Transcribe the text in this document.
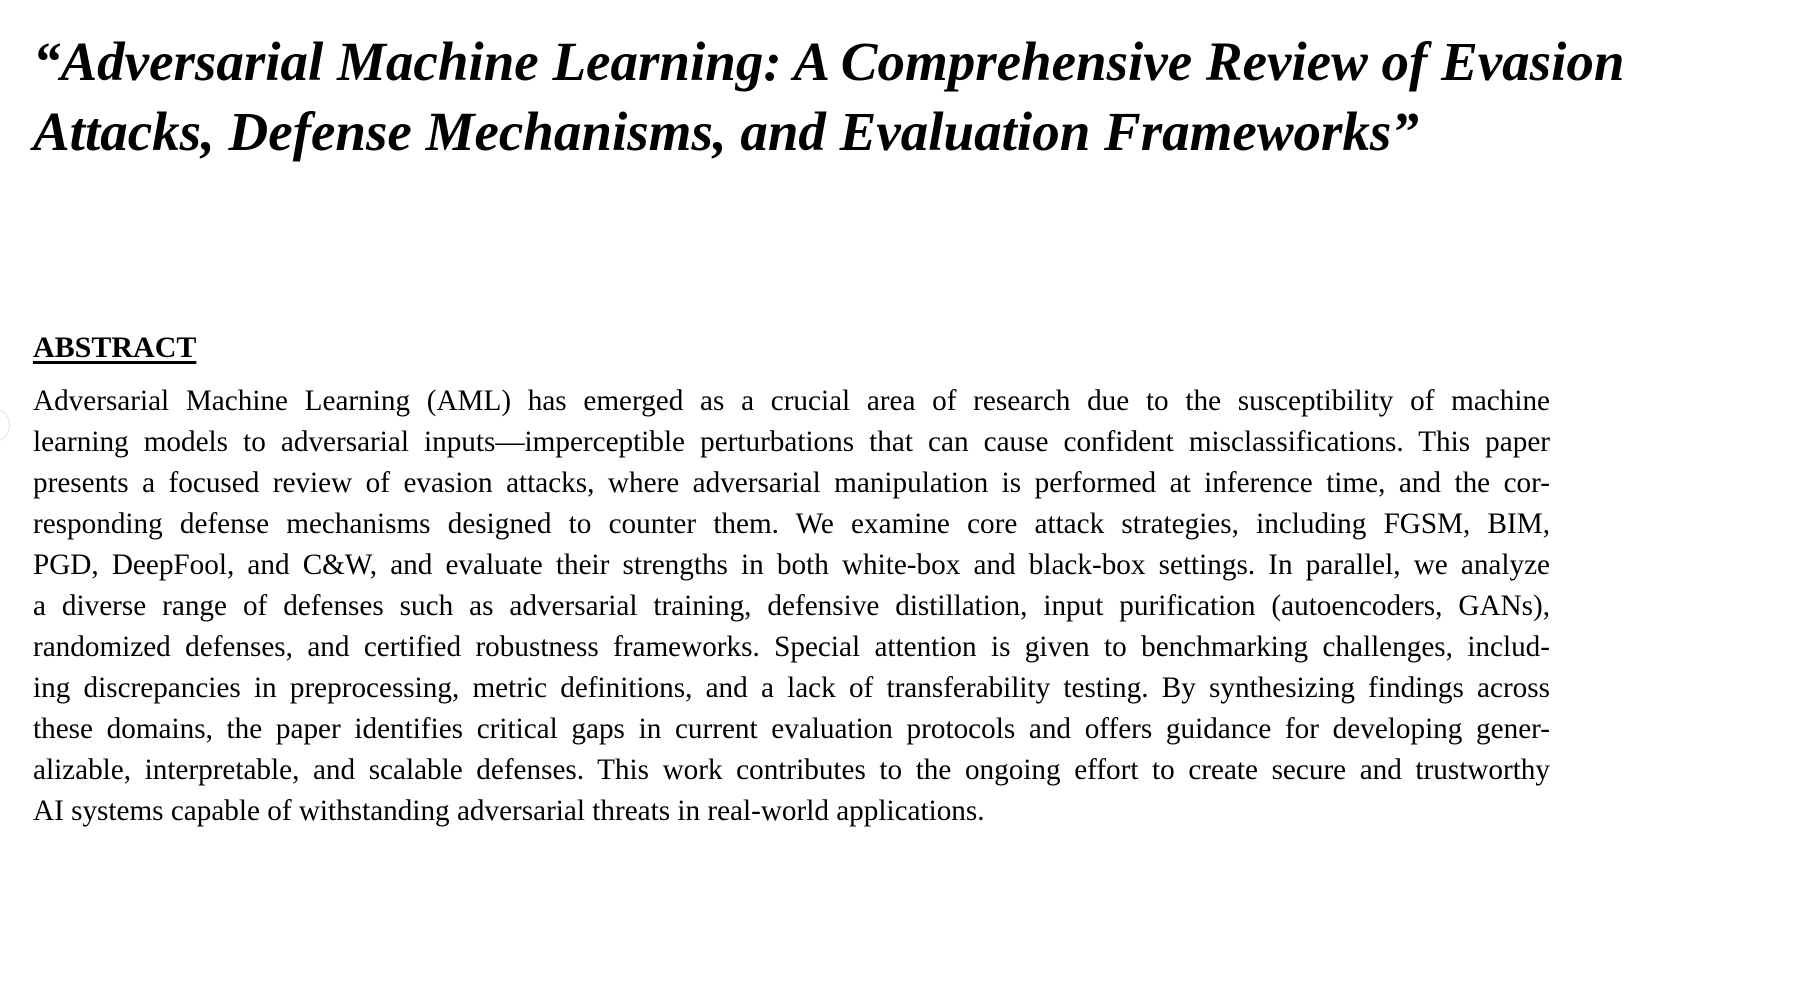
“Adversarial Machine Learning: A Comprehensive Review of Evasion
Attacks, Defense Mechanisms, and Evaluation Frameworks”
ABSTRACT
Adversarial Machine Learning (AML) has emerged as a crucial area of research due to the susceptibility of machine
learning models to adversarial inputs—imperceptible perturbations that can cause confident misclassifications. This paper
presents a focused review of evasion attacks, where adversarial manipulation is performed at inference time, and the cor-
responding defense mechanisms designed to counter them. We examine core attack strategies, including FGSM, BIM,
PGD, DeepFool, and C&W, and evaluate their strengths in both white-box and black-box settings. In parallel, we analyze
a diverse range of defenses such as adversarial training, defensive distillation, input purification (autoencoders, GANs),
randomized defenses, and certified robustness frameworks. Special attention is given to benchmarking challenges, includ-
ing discrepancies in preprocessing, metric definitions, and a lack of transferability testing. By synthesizing findings across
these domains, the paper identifies critical gaps in current evaluation protocols and offers guidance for developing gener-
alizable, interpretable, and scalable defenses. This work contributes to the ongoing effort to create secure and trustworthy
AI systems capable of withstanding adversarial threats in real-world applications.
